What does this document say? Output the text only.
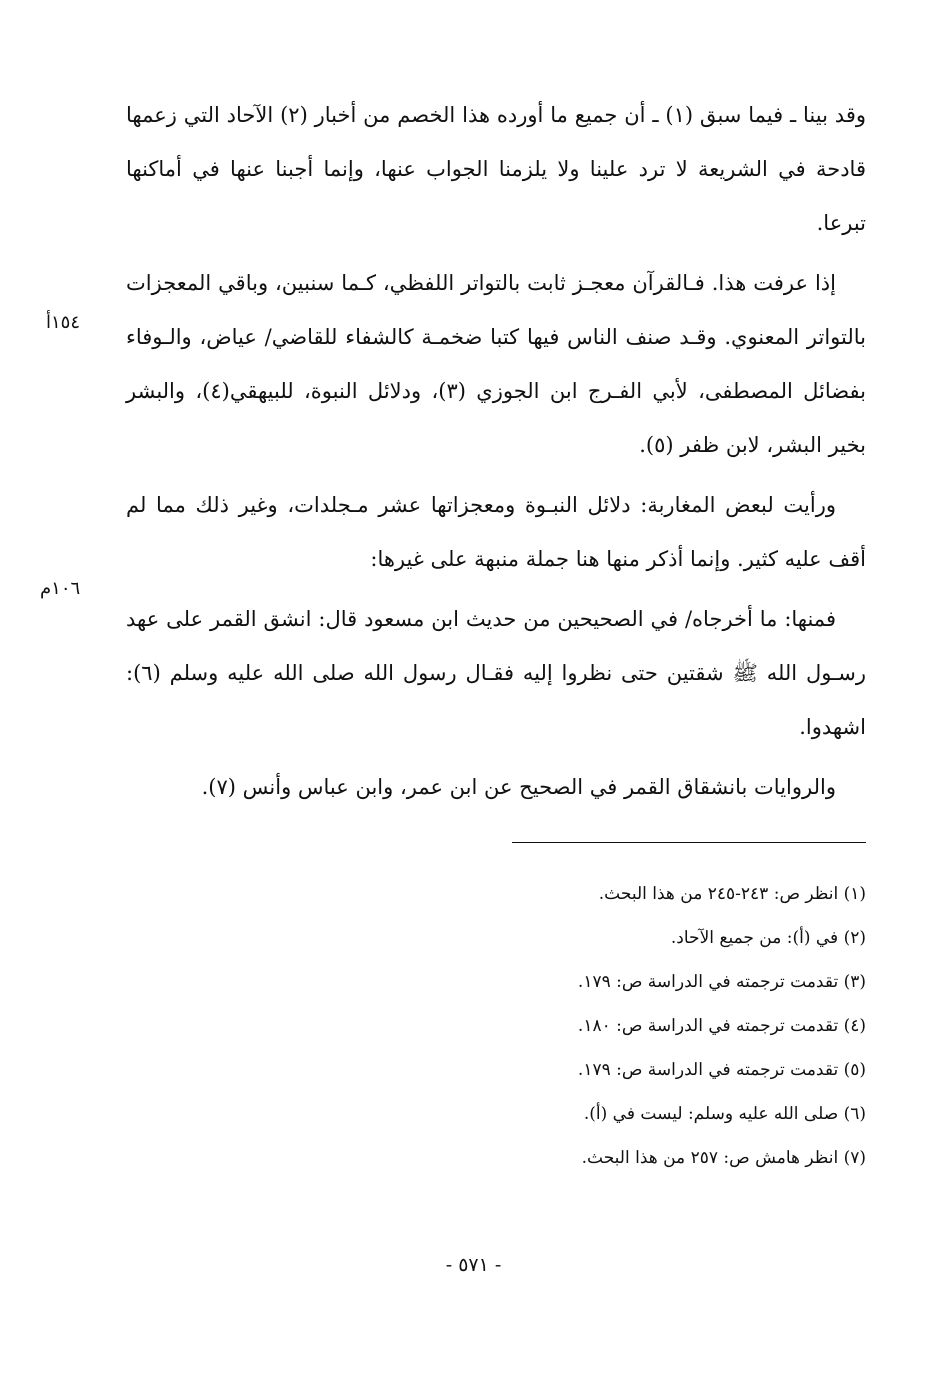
وقد بينا ـ فيما سبق (١) ـ أن جميع ما أورده هذا الخصم من أخبار (٢) الآحاد التي زعمها قادحة في الشريعة لا ترد علينا ولا يلزمنا الجواب عنها، وإنما أجبنا عنها في أماكنها تبرعا.

إذا عرفت هذا. فـالقرآن معجـز ثابت بالتواتر اللفظي، كـما سنبين، وباقي المعجزات بالتواتر المعنوي. وقـد صنف الناس فيها كتبا ضخمـة كالشفاء للقاضي/ عياض، والـوفاء بفضائل المصطفى، لأبي الفـرج ابن الجوزي (٣)، ودلائل النبوة، للبيهقي(٤)، والبشر بخير البشر، لابن ظفر (٥).

ورأيت لبعض المغاربة: دلائل النبـوة ومعجزاتها عشر مـجلدات، وغير ذلك مما لم أقف عليه كثير. وإنما أذكر منها هنا جملة منبهة على غيرها:

فمنها: ما أخرجاه/ في الصحيحين من حديث ابن مسعود قال: انشق القمر على عهد رسـول الله ﷺ شقتين حتى نظروا إليه فقـال رسول الله صلى الله عليه وسلم (٦): اشهدوا.

والروايات بانشقاق القمر في الصحيح عن ابن عمر، وابن عباس وأنس (٧).

١٥٤أ
١٠٦م

(١) انظر ص: ٢٤٣-٢٤٥ من هذا البحث.

(٢) في (أ): من جميع الآحاد.

(٣) تقدمت ترجمته في الدراسة ص: ١٧٩.

(٤) تقدمت ترجمته في الدراسة ص: ١٨٠.

(٥) تقدمت ترجمته في الدراسة ص: ١٧٩.

(٦) صلى الله عليه وسلم: ليست في (أ).

(٧) انظر هامش ص: ٢٥٧ من هذا البحث.

- ٥٧١ -
